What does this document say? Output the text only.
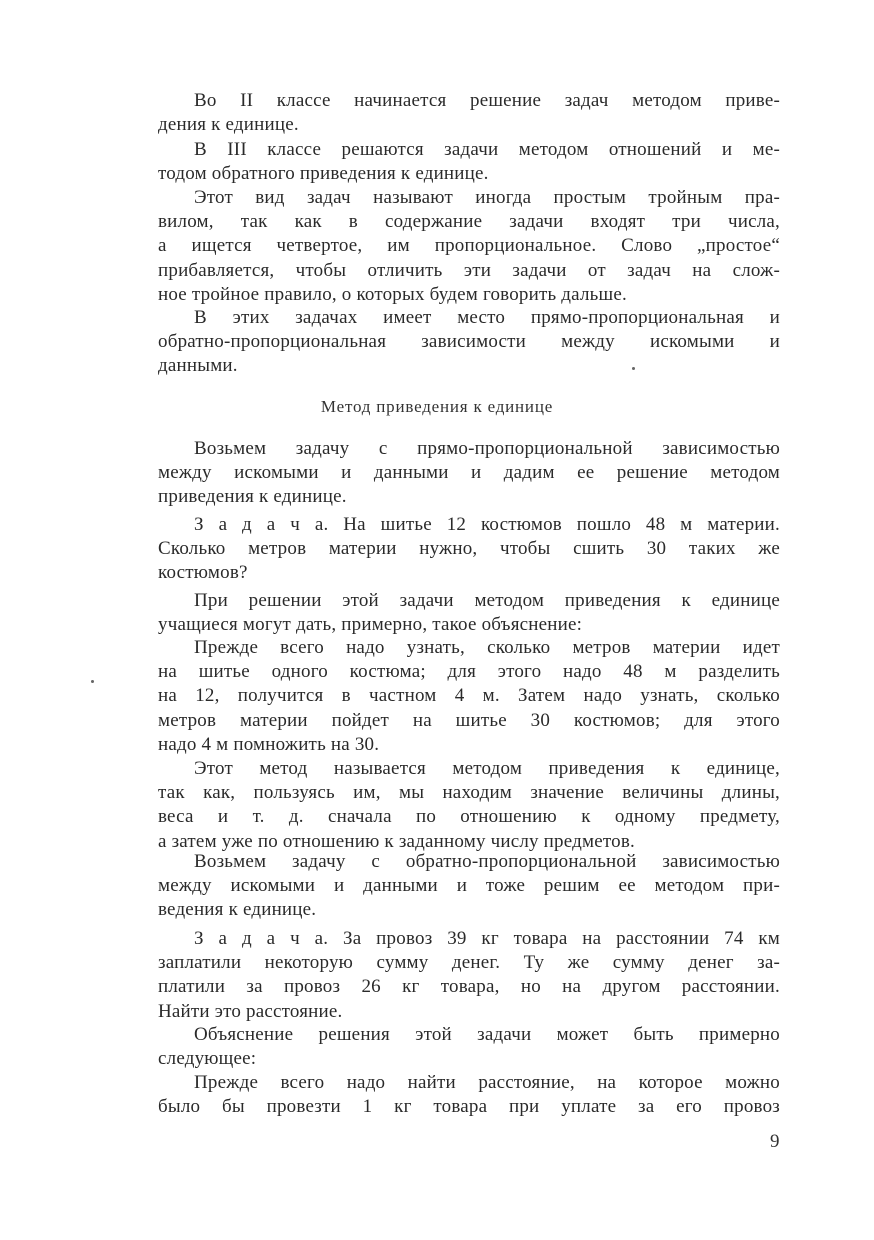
Метод приведения к единице
9
Во II классе начинается решение задач методом приве-
дения к единице.
В III классе решаются задачи методом отношений и ме-
тодом обратного приведения к единице.
Этот вид задач называют иногда простым тройным пра-
вилом, так как в содержание задачи входят три числа,
а ищется четвертое, им пропорциональное. Слово „простое“
прибавляется, чтобы отличить эти задачи от задач на слож-
ное тройное правило, о которых будем говорить дальше.
В этих задачах имеет место прямо-пропорциональная и
обратно-пропорциональная зависимости между искомыми и
данными.
Возьмем задачу с прямо-пропорциональной зависимостью
между искомыми и данными и дадим ее решение методом
приведения к единице.
З а д а ч а. На шитье 12 костюмов пошло 48 м материи.
Сколько метров материи нужно, чтобы сшить 30 таких же
костюмов?
При решении этой задачи методом приведения к единице
учащиеся могут дать, примерно, такое объяснение:
Прежде всего надо узнать, сколько метров материи идет
на шитье одного костюма; для этого надо 48 м разделить
на 12, получится в частном 4 м. Затем надо узнать, сколько
метров материи пойдет на шитье 30 костюмов; для этого
надо 4 м помножить на 30.
Этот метод называется методом приведения к единице,
так как, пользуясь им, мы находим значение величины длины,
веса и т. д. сначала по отношению к одному предмету,
а затем уже по отношению к заданному числу предметов.
Возьмем задачу с обратно-пропорциональной зависимостью
между искомыми и данными и тоже решим ее методом при-
ведения к единице.
З а д а ч а. За провоз 39 кг товара на расстоянии 74 км
заплатили некоторую сумму денег. Ту же сумму денег за-
платили за провоз 26 кг товара, но на другом расстоянии.
Найти это расстояние.
Объяснение решения этой задачи может быть примерно
следующее:
Прежде всего надо найти расстояние, на которое можно
было бы провезти 1 кг товара при уплате за его провоз
